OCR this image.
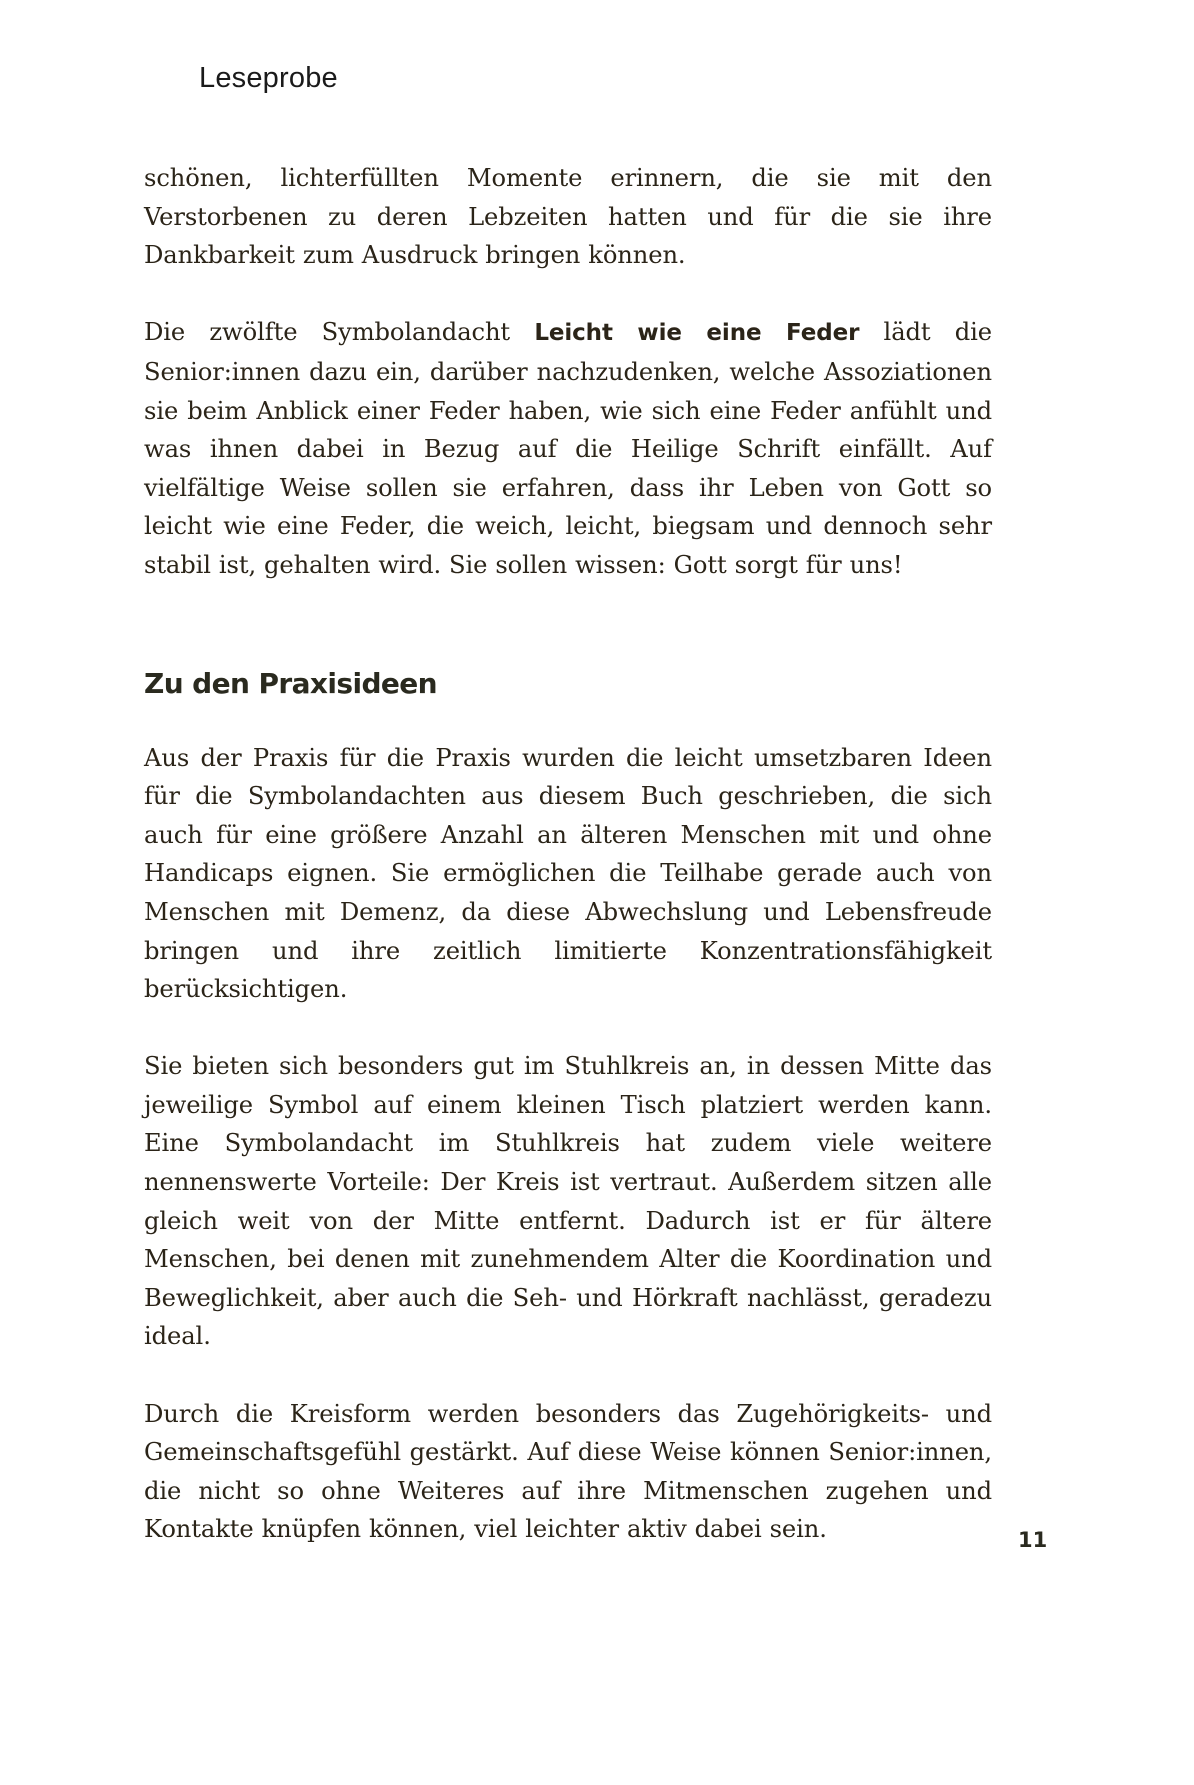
Leseprobe

schönen, lichterfüllten Momente erinnern, die sie mit den Verstorbenen zu deren Lebzeiten hatten und für die sie ihre Dankbarkeit zum Ausdruck bringen können.

Die zwölfte Symbolandacht Leicht wie eine Feder lädt die Senior:innen dazu ein, darüber nachzudenken, welche Assoziationen sie beim Anblick einer Feder haben, wie sich eine Feder anfühlt und was ihnen dabei in Bezug auf die Heilige Schrift einfällt. Auf vielfältige Weise sollen sie erfahren, dass ihr Leben von Gott so leicht wie eine Feder, die weich, leicht, biegsam und dennoch sehr stabil ist, gehalten wird. Sie sollen wissen: Gott sorgt für uns!

Zu den Praxisideen

Aus der Praxis für die Praxis wurden die leicht umsetzbaren Ideen für die Symbolandachten aus diesem Buch geschrieben, die sich auch für eine größere Anzahl an älteren Menschen mit und ohne Handicaps eignen. Sie ermöglichen die Teilhabe gerade auch von Menschen mit Demenz, da diese Abwechslung und Lebensfreude bringen und ihre zeitlich limitierte Konzentrationsfähigkeit berücksichtigen.

Sie bieten sich besonders gut im Stuhlkreis an, in dessen Mitte das jeweilige Symbol auf einem kleinen Tisch platziert werden kann. Eine Symbolandacht im Stuhlkreis hat zudem viele weitere nennenswerte Vorteile: Der Kreis ist vertraut. Außerdem sitzen alle gleich weit von der Mitte entfernt. Dadurch ist er für ältere Menschen, bei denen mit zunehmendem Alter die Koordination und Beweglichkeit, aber auch die Seh- und Hörkraft nachlässt, geradezu ideal.

Durch die Kreisform werden besonders das Zugehörigkeits- und Gemeinschaftsgefühl gestärkt. Auf diese Weise können Senior:innen, die nicht so ohne Weiteres auf ihre Mitmenschen zugehen und Kontakte knüpfen können, viel leichter aktiv dabei sein.	11
